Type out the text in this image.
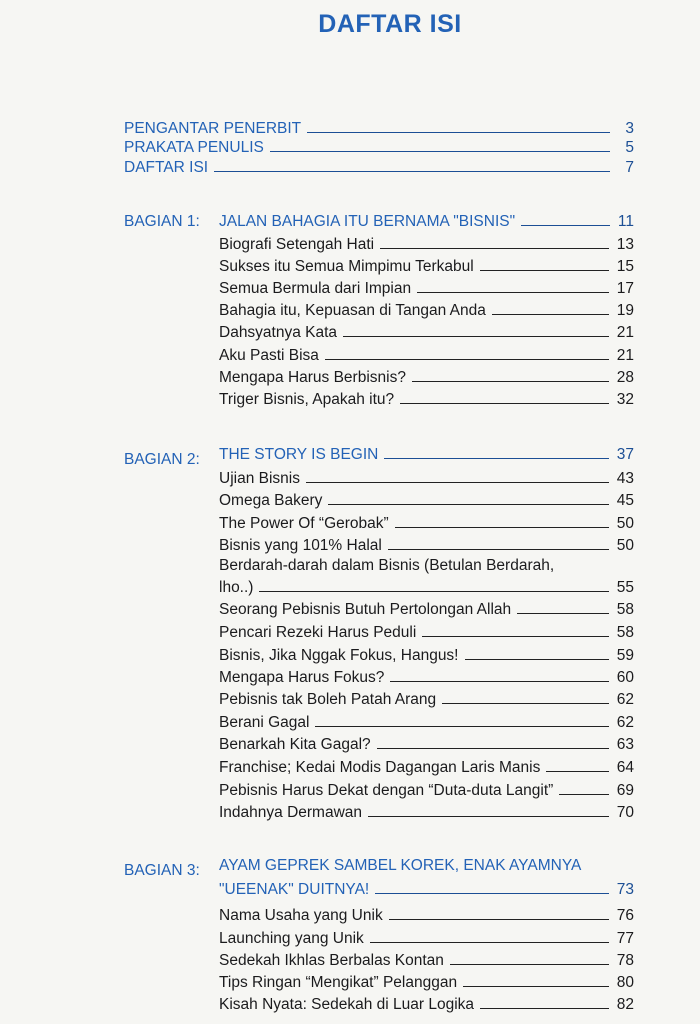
DAFTAR ISI
PENGANTAR PENERBIT	3
PRAKATA PENULIS	5
DAFTAR ISI	7
BAGIAN 1: JALAN BAHAGIA ITU BERNAMA "BISNIS"	11
Biografi Setengah Hati	13
Sukses itu Semua Mimpimu Terkabul	15
Semua Bermula dari Impian	17
Bahagia itu, Kepuasan di Tangan Anda	19
Dahsyatnya Kata	21
Aku Pasti Bisa	21
Mengapa Harus Berbisnis?	28
Triger Bisnis, Apakah itu?	32
BAGIAN 2: THE STORY IS BEGIN	37
Ujian Bisnis	43
Omega Bakery	45
The Power Of “Gerobak”	50
Bisnis yang 101% Halal	50
Berdarah-darah dalam Bisnis (Betulan Berdarah,
lho..)	55
Seorang Pebisnis Butuh Pertolongan Allah	58
Pencari Rezeki Harus Peduli	58
Bisnis, Jika Nggak Fokus, Hangus!	59
Mengapa Harus Fokus?	60
Pebisnis tak Boleh Patah Arang	62
Berani Gagal	62
Benarkah Kita Gagal?	63
Franchise; Kedai Modis Dagangan Laris Manis	64
Pebisnis Harus Dekat dengan “Duta-duta Langit”	69
Indahnya Dermawan	70
BAGIAN 3: AYAM GEPREK SAMBEL KOREK, ENAK AYAMNYA
"UEENAK" DUITNYA!	73
Nama Usaha yang Unik	76
Launching yang Unik	77
Sedekah Ikhlas Berbalas Kontan	78
Tips Ringan “Mengikat” Pelanggan	80
Kisah Nyata: Sedekah di Luar Logika	82
